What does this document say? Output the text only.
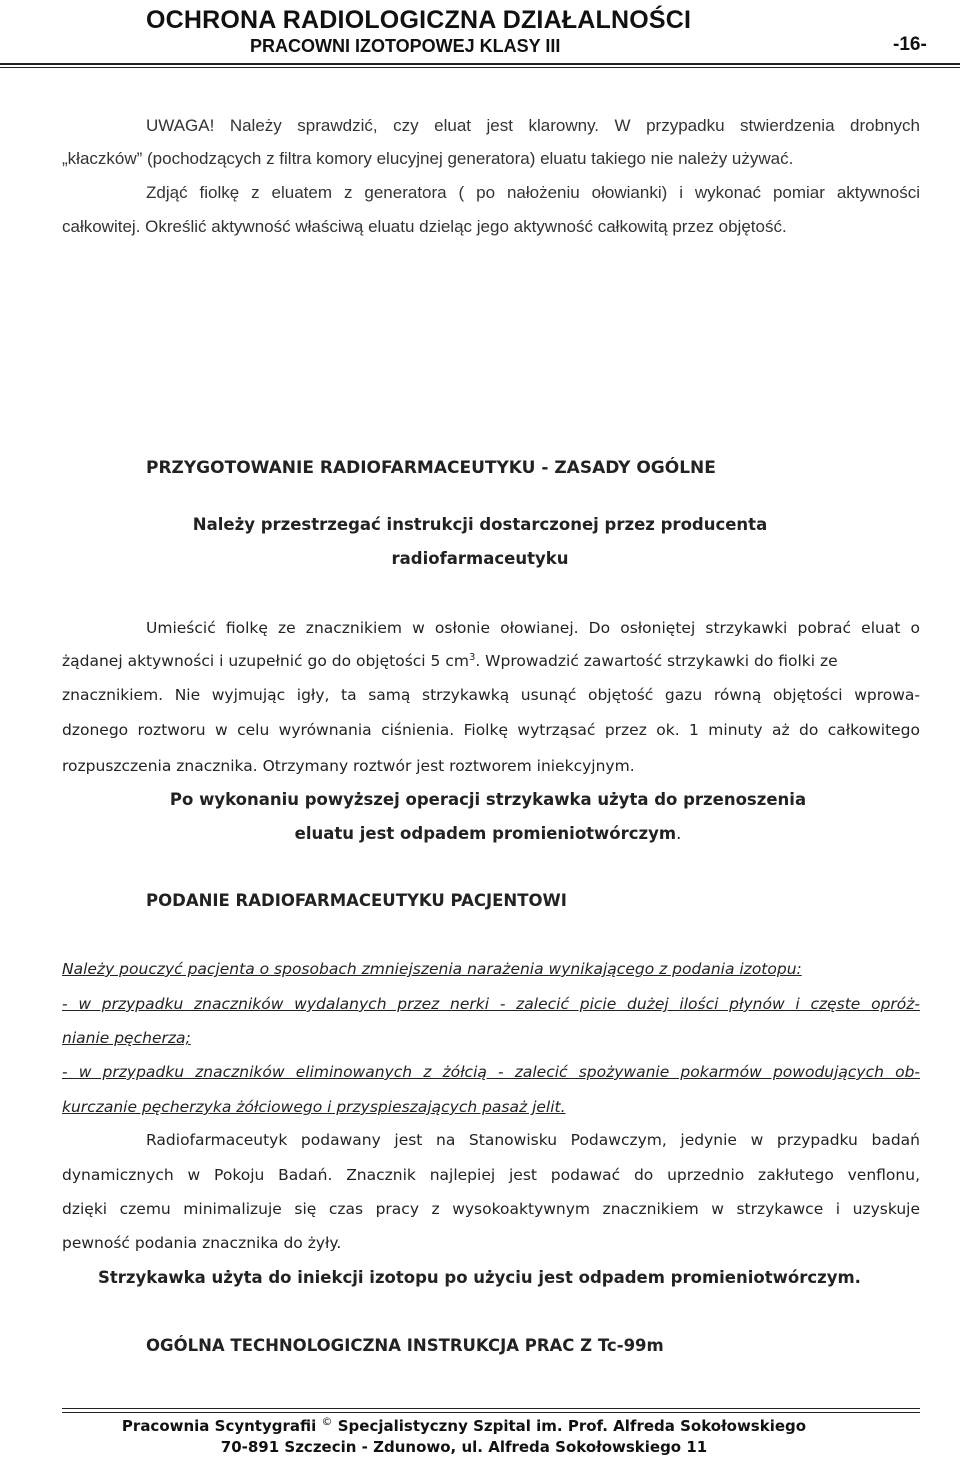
OCHRONA RADIOLOGICZNA DZIAŁALNOŚCI
PRACOWNI IZOTOPOWEJ KLASY III	-16-
UWAGA! Należy sprawdzić, czy eluat jest klarowny. W przypadku stwierdzenia drobnych
„kłaczków” (pochodzących z filtra komory elucyjnej generatora) eluatu takiego nie należy używać.
Zdjąć fiolkę z eluatem z generatora ( po nałożeniu ołowianki) i wykonać pomiar aktywności
całkowitej. Określić aktywność właściwą eluatu dzieląc jego aktywność całkowitą przez objętość.
PRZYGOTOWANIE RADIOFARMACEUTYKU - ZASADY OGÓLNE
Należy przestrzegać instrukcji dostarczonej przez producenta
radiofarmaceutyku
Umieścić fiolkę ze znacznikiem w osłonie ołowianej. Do osłoniętej strzykawki pobrać eluat o
żądanej aktywności i uzupełnić go do objętości 5 $cm^3$. Wprowadzić zawartość strzykawki do fiolki ze
znacznikiem. Nie wyjmując igły, ta samą strzykawką usunąć objętość gazu równą objętości wprowa-
dzonego roztworu w celu wyrównania ciśnienia. Fiolkę wytrząsać przez ok. 1 minuty aż do całkowitego
rozpuszczenia znacznika. Otrzymany roztwór jest roztworem iniekcyjnym.
Po wykonaniu powyższej operacji strzykawka użyta do przenoszenia
eluatu jest odpadem promieniotwórczym.
PODANIE RADIOFARMACEUTYKU PACJENTOWI
Należy pouczyć pacjenta o sposobach zmniejszenia narażenia wynikającego z podania izotopu:
- w przypadku znaczników wydalanych przez nerki - zalecić picie dużej ilości płynów i częste opróż-
nianie pęcherza;
- w przypadku znaczników eliminowanych z żółcią - zalecić spożywanie pokarmów powodujących ob-
kurczanie pęcherzyka żółciowego i przyspieszających pasaż jelit.
Radiofarmaceutyk podawany jest na Stanowisku Podawczym, jedynie w przypadku badań
dynamicznych w Pokoju Badań. Znacznik najlepiej jest podawać do uprzednio zakłutego venflonu,
dzięki czemu minimalizuje się czas pracy z wysokoaktywnym znacznikiem w strzykawce i uzyskuje
pewność podania znacznika do żyły.
Strzykawka użyta do iniekcji izotopu po użyciu jest odpadem promieniotwórczym.
OGÓLNA TECHNOLOGICZNA INSTRUKCJA PRAC Z Tc-99m
Pracownia Scyntygrafii © Specjalistyczny Szpital im. Prof. Alfreda Sokołowskiego
70-891 Szczecin - Zdunowo, ul. Alfreda Sokołowskiego 11
